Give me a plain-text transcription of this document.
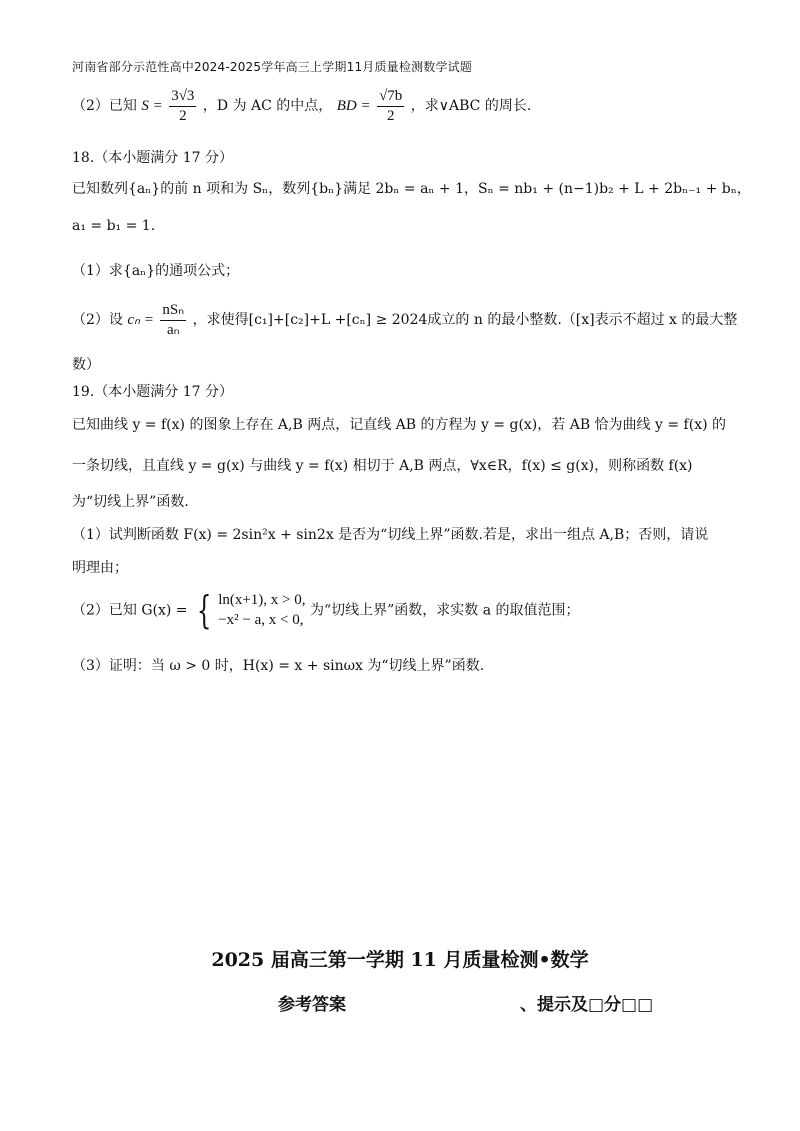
河南省部分示范性高中2024-2025学年高三上学期11月质量检测数学试题
（2）已知 $S = \frac{3√3}{2}$ ，D 为 AC 的中点， BD = $\frac{√7b}{2}$ ，求∨ABC 的周长.
18.（本小题满分 17 分）
已知数列{aₙ}的前 n 项和为 Sₙ，数列{bₙ}满足 2bₙ = aₙ + 1，Sₙ = nb₁ + (n−1)b₂ + L + 2bₙ₋₁ + bₙ，
a₁ = b₁ = 1.
（1）求{aₙ}的通项公式；
（2）设 $c_n = \frac{\text{nSₙ}}{\text{aₙ}}$ ，求使得[c₁]+[c₂]+L +[cₙ] ≥ 2024成立的 n 的最小整数.（[x]表示不超过 x 的最大整
数）
19.（本小题满分 17 分）
已知曲线 y = f(x) 的图象上存在 A,B 两点，记直线 AB 的方程为 y = g(x)，若 AB 恰为曲线 y = f(x) 的
一条切线，且直线 y = g(x) 与曲线 y = f(x) 相切于 A,B 两点，∀x∈R，f(x) ≤ g(x)，则称函数 f(x)
为“切线上界”函数.
（1）试判断函数 F(x) = 2sin²x + sin2x 是否为“切线上界”函数.若是，求出一组点 A,B；否则，请说
明理由；
（2）已知 G(x) = { ln(x+1), x > 0,
−x² − a, x < 0,
为“切线上界”函数，求实数 a 的取值范围；
（3）证明：当 ω > 0 时，H(x) = x + sinωx 为“切线上界”函数.
2025 届高三第一学期 11 月质量检测•数学
参考答案	、提示及□分□□
